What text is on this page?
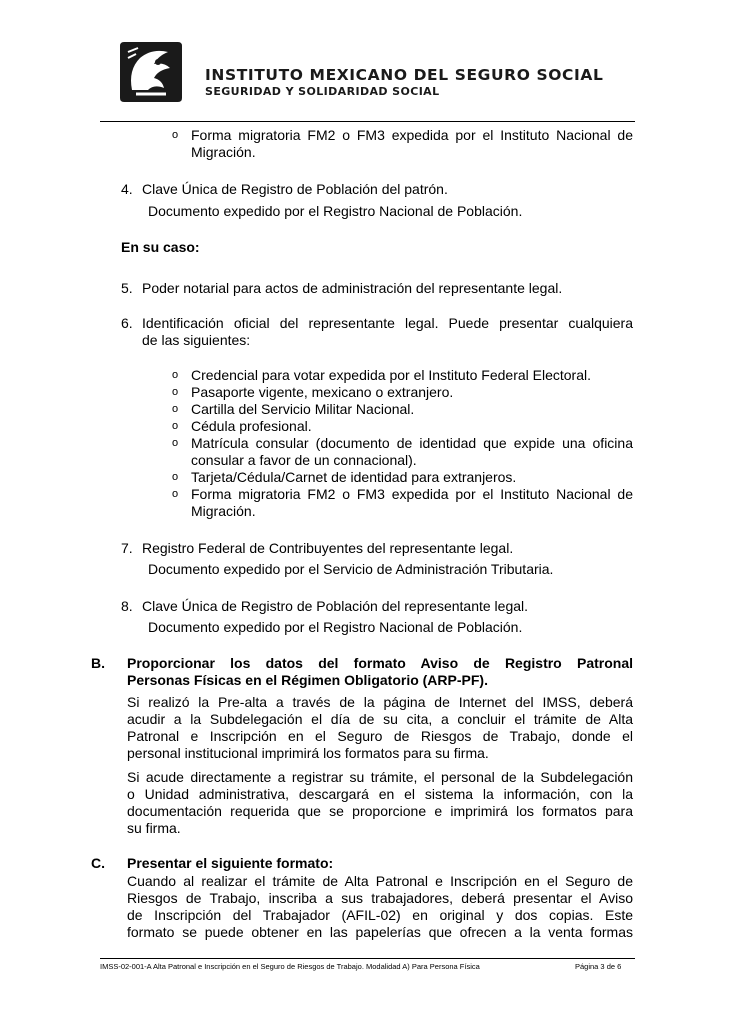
INSTITUTO MEXICANO DEL SEGURO SOCIAL
SEGURIDAD Y SOLIDARIDAD SOCIAL
o Forma migratoria FM2 o FM3 expedida por el Instituto Nacional de
Migración.
4. Clave Única de Registro de Población del patrón.
Documento expedido por el Registro Nacional de Población.
En su caso:
5. Poder notarial para actos de administración del representante legal.
6. Identificación oficial del representante legal. Puede presentar cualquiera
de las siguientes:
o Credencial para votar expedida por el Instituto Federal Electoral.
o Pasaporte vigente, mexicano o extranjero.
o Cartilla del Servicio Militar Nacional.
o Cédula profesional.
o Matrícula consular (documento de identidad que expide una oficina
consular a favor de un connacional).
o Tarjeta/Cédula/Carnet de identidad para extranjeros.
o Forma migratoria FM2 o FM3 expedida por el Instituto Nacional de
Migración.
7. Registro Federal de Contribuyentes del representante legal.
Documento expedido por el Servicio de Administración Tributaria.
8. Clave Única de Registro de Población del representante legal.
Documento expedido por el Registro Nacional de Población.
B. Proporcionar los datos del formato Aviso de Registro Patronal
Personas Físicas en el Régimen Obligatorio (ARP-PF).
Si realizó la Pre-alta a través de la página de Internet del IMSS, deberá
acudir a la Subdelegación el día de su cita, a concluir el trámite de Alta
Patronal e Inscripción en el Seguro de Riesgos de Trabajo, donde el
personal institucional imprimirá los formatos para su firma.
Si acude directamente a registrar su trámite, el personal de la Subdelegación
o Unidad administrativa, descargará en el sistema la información, con la
documentación requerida que se proporcione e imprimirá los formatos para
su firma.
C. Presentar el siguiente formato:
Cuando al realizar el trámite de Alta Patronal e Inscripción en el Seguro de
Riesgos de Trabajo, inscriba a sus trabajadores, deberá presentar el Aviso
de Inscripción del Trabajador (AFIL-02) en original y dos copias. Este
formato se puede obtener en las papelerías que ofrecen a la venta formas
IMSS-02-001-A Alta Patronal e Inscripción en el Seguro de Riesgos de Trabajo. Modalidad A) Para Persona Física	Página 3 de 6
